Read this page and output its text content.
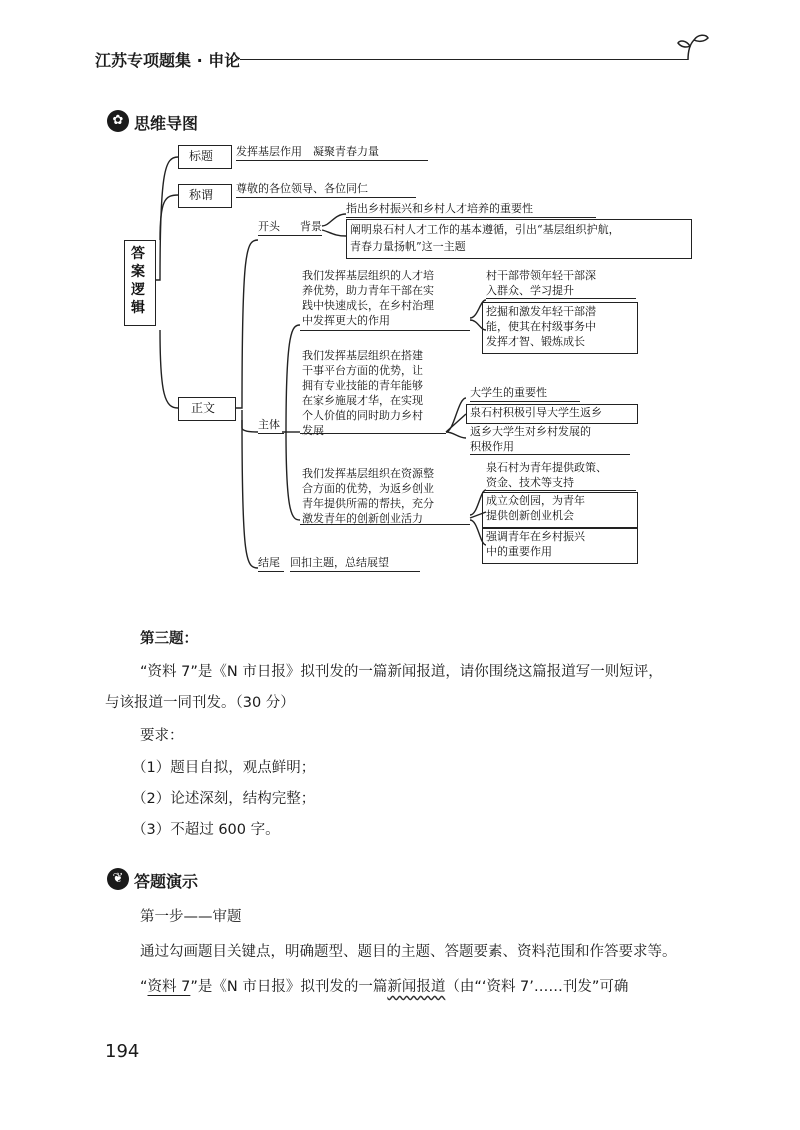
江苏专项题集 · 申论
✿ 思维导图
答
案
逻
辑
标题 发挥基层作用　凝聚青春力量
称谓 尊敬的各位领导、各位同仁
正文
开头	背景
指出乡村振兴和乡村人才培养的重要性
阐明泉石村人才工作的基本遵循，引出“基层组织护航，
青春力量扬帆”这一主题
主体
我们发挥基层组织的人才培
养优势，助力青年干部在实
践中快速成长，在乡村治理
中发挥更大的作用
村干部带领年轻干部深
入群众、学习提升
挖掘和激发年轻干部潜
能，使其在村级事务中
发挥才智、锻炼成长
我们发挥基层组织在搭建
干事平台方面的优势，让
拥有专业技能的青年能够
在家乡施展才华，在实现
个人价值的同时助力乡村
发展
大学生的重要性
泉石村积极引导大学生返乡
返乡大学生对乡村发展的
积极作用
我们发挥基层组织在资源整
合方面的优势，为返乡创业
青年提供所需的帮扶，充分
激发青年的创新创业活力
泉石村为青年提供政策、
资金、技术等支持
成立众创园，为青年
提供创新创业机会
强调青年在乡村振兴
中的重要作用
结尾 回扣主题，总结展望
第三题：
“资料 7”是《N 市日报》拟刊发的一篇新闻报道，请你围绕这篇报道写一则短评，
与该报道一同刊发。（30 分）
要求：
（1）题目自拟，观点鲜明；
（2）论述深刻，结构完整；
（3）不超过 600 字。
❦ 答题演示
第一步——审题
通过勾画题目关键点，明确题型、题目的主题、答题要素、资料范围和作答要求等。
“资料 7”是《N 市日报》拟刊发的一篇新闻报道（由“‘资料 7’……刊发”可确
194
